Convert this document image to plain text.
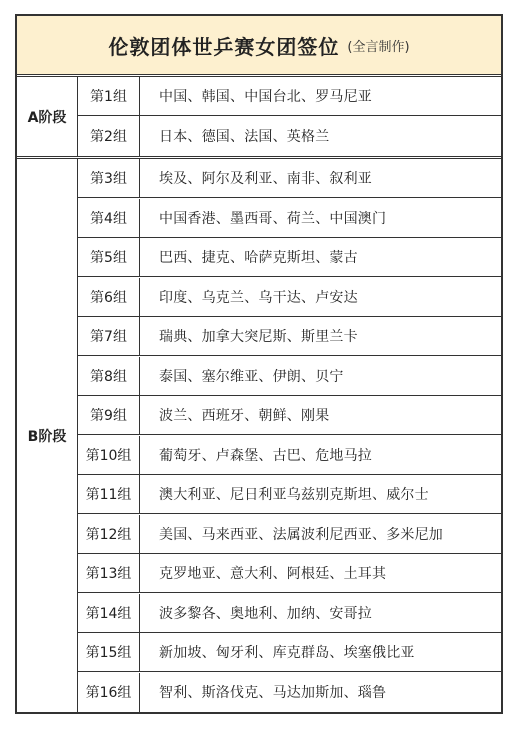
伦敦团体世乒赛女团签位 (全言制作)
A阶段
第1组	中国、韩国、中国台北、罗马尼亚
第2组	日本、德国、法国、英格兰
B阶段
第3组	埃及、阿尔及利亚、南非、叙利亚
第4组	中国香港、墨西哥、荷兰、中国澳门
第5组	巴西、捷克、哈萨克斯坦、蒙古
第6组	印度、乌克兰、乌干达、卢安达
第7组	瑞典、加拿大突尼斯、斯里兰卡
第8组	泰国、塞尔维亚、伊朗、贝宁
第9组	波兰、西班牙、朝鲜、刚果
第10组	葡萄牙、卢森堡、古巴、危地马拉
第11组	澳大利亚、尼日利亚乌兹别克斯坦、威尔士
第12组	美国、马来西亚、法属波利尼西亚、多米尼加
第13组	克罗地亚、意大利、阿根廷、土耳其
第14组	波多黎各、奥地利、加纳、安哥拉
第15组	新加坡、匈牙利、库克群岛、埃塞俄比亚
第16组	智利、斯洛伐克、马达加斯加、瑙鲁
